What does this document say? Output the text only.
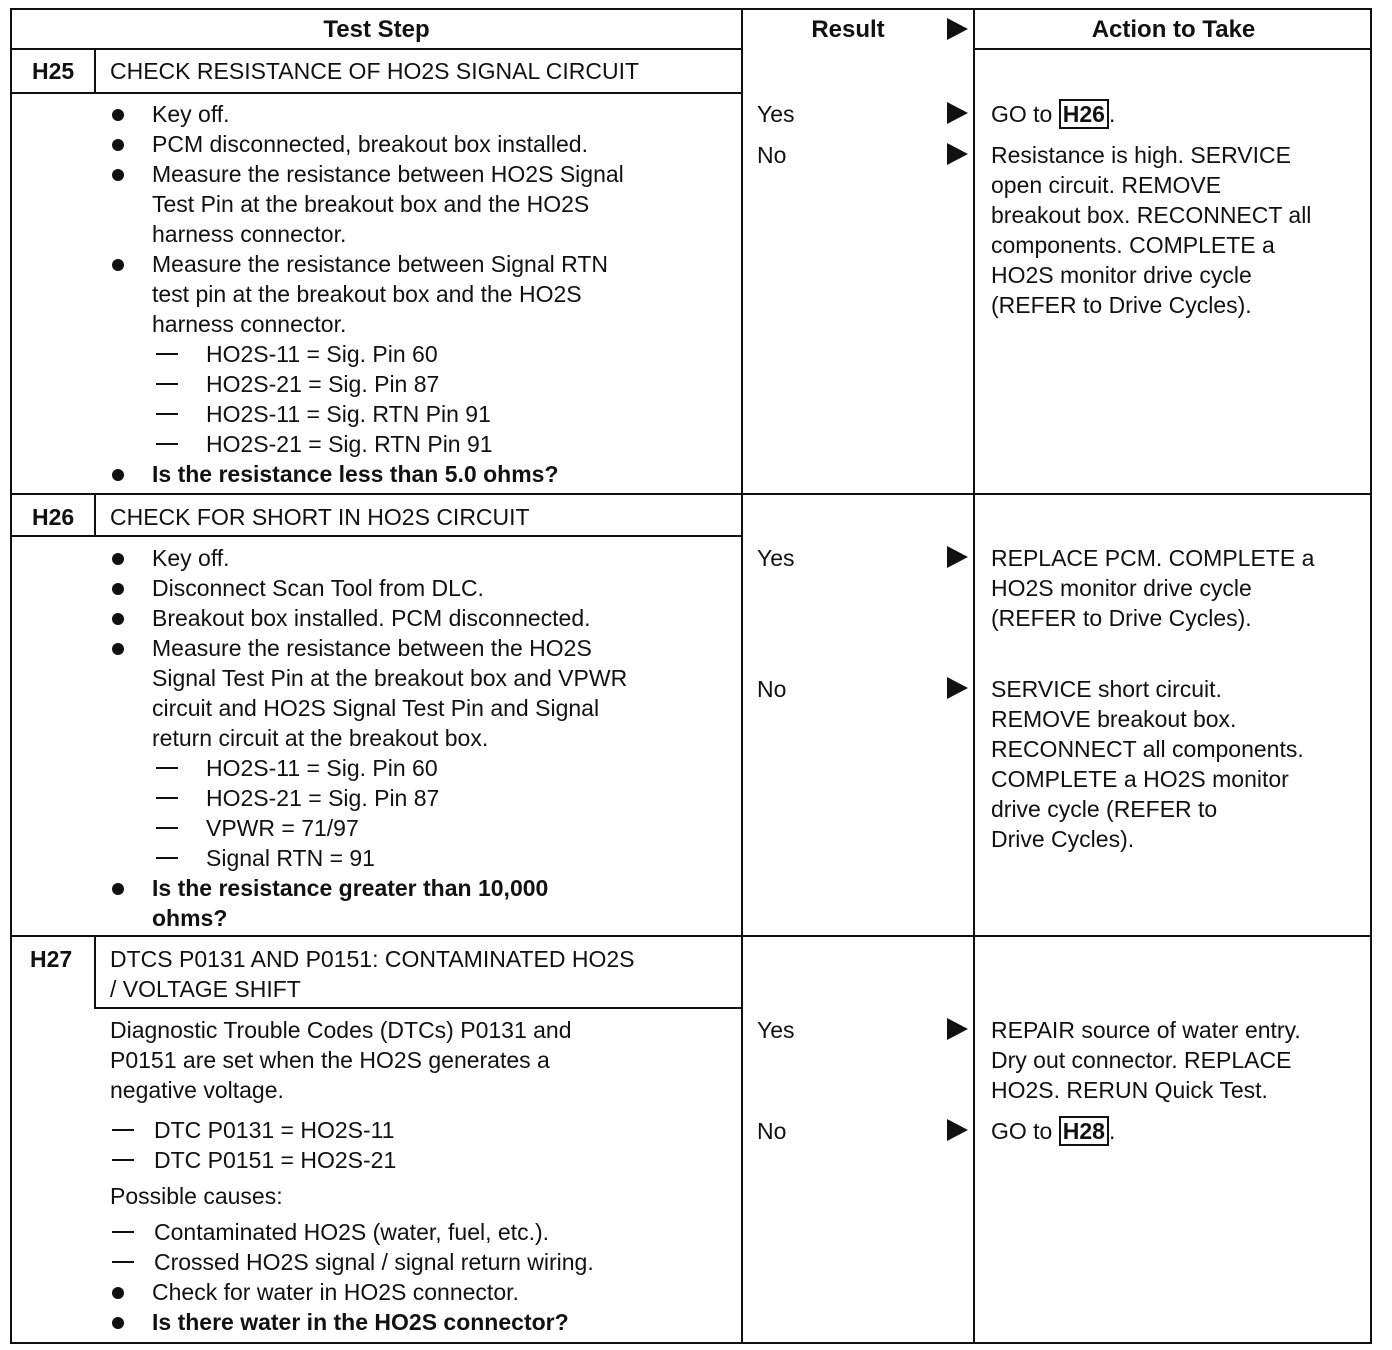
Test Step	Result	Action to Take
H25 CHECK RESISTANCE OF HO2S SIGNAL CIRCUIT
Key off.
PCM disconnected, breakout box installed.
Measure the resistance between HO2S Signal
Test Pin at the breakout box and the HO2S
harness connector.
Measure the resistance between Signal RTN
test pin at the breakout box and the HO2S
harness connector.
HO2S-11 = Sig. Pin 60
HO2S-21 = Sig. Pin 87
HO2S-11 = Sig. RTN Pin 91
HO2S-21 = Sig. RTN Pin 91
Is the resistance less than 5.0 ohms?
Yes	GO to H26 .
No	Resistance is high. SERVICE
open circuit. REMOVE
breakout box. RECONNECT all
components. COMPLETE a
HO2S monitor drive cycle
(REFER to Drive Cycles).
H26 CHECK FOR SHORT IN HO2S CIRCUIT
Key off.
Disconnect Scan Tool from DLC.
Breakout box installed. PCM disconnected.
Measure the resistance between the HO2S
Signal Test Pin at the breakout box and VPWR
circuit and HO2S Signal Test Pin and Signal
return circuit at the breakout box.
HO2S-11 = Sig. Pin 60
HO2S-21 = Sig. Pin 87
VPWR = 71/97
Signal RTN = 91
Is the resistance greater than 10,000
ohms?
Yes	REPLACE PCM. COMPLETE a
HO2S monitor drive cycle
(REFER to Drive Cycles).
No	SERVICE short circuit.
REMOVE breakout box.
RECONNECT all components.
COMPLETE a HO2S monitor
drive cycle (REFER to
Drive Cycles).
H27 DTCS P0131 AND P0151: CONTAMINATED HO2S
/ VOLTAGE SHIFT
Diagnostic Trouble Codes (DTCs) P0131 and
P0151 are set when the HO2S generates a
negative voltage.
DTC P0131 = HO2S-11
DTC P0151 = HO2S-21
Possible causes:
Contaminated HO2S (water, fuel, etc.).
Crossed HO2S signal / signal return wiring.
Check for water in HO2S connector.
Is there water in the HO2S connector?
Yes	REPAIR source of water entry.
Dry out connector. REPLACE
HO2S. RERUN Quick Test.
No	GO to H28 .
